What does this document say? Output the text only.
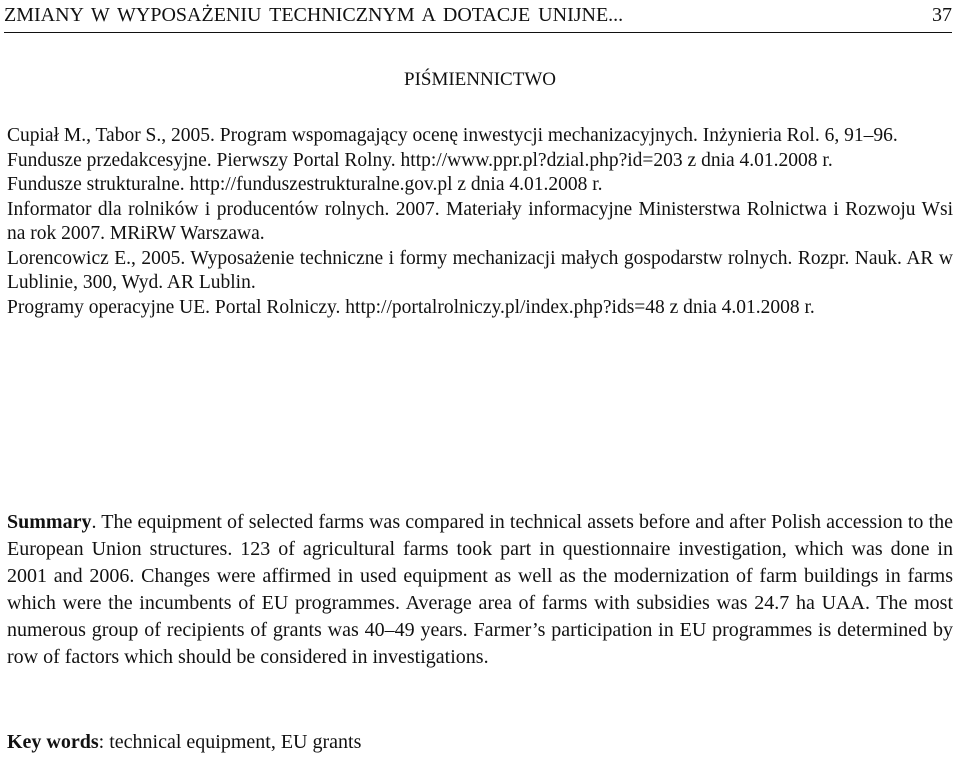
ZMIANY W WYPOSAŻENIU TECHNICZNYM A DOTACJE UNIJNE...	37
PIŚMIENNICTWO
Cupiał M., Tabor S., 2005. Program wspomagający ocenę inwestycji mechanizacyjnych. Inżynieria Rol. 6, 91–96.
Fundusze przedakcesyjne. Pierwszy Portal Rolny. http://www.ppr.pl?dzial.php?id=203 z dnia 4.01.2008 r.
Fundusze strukturalne. http://funduszestrukturalne.gov.pl z dnia 4.01.2008 r.
Informator dla rolników i producentów rolnych. 2007. Materiały informacyjne Ministerstwa Rolnictwa i Rozwoju Wsi na rok 2007. MRiRW Warszawa.
Lorencowicz E., 2005. Wyposażenie techniczne i formy mechanizacji małych gospodarstw rolnych. Rozpr. Nauk. AR w Lublinie, 300, Wyd. AR Lublin.
Programy operacyjne UE. Portal Rolniczy. http://portalrolniczy.pl/index.php?ids=48 z dnia 4.01.2008 r.
Summary. The equipment of selected farms was compared in technical assets before and after Polish accession to the European Union structures. 123 of agricultural farms took part in questionnaire investigation, which was done in 2001 and 2006. Changes were affirmed in used equipment as well as the modernization of farm buildings in farms which were the incumbents of EU programmes. Average area of farms with subsidies was 24.7 ha UAA. The most numerous group of recipients of grants was 40–49 years. Farmer’s participation in EU programmes is determined by row of factors which should be considered in investigations.
Key words: technical equipment, EU grants
